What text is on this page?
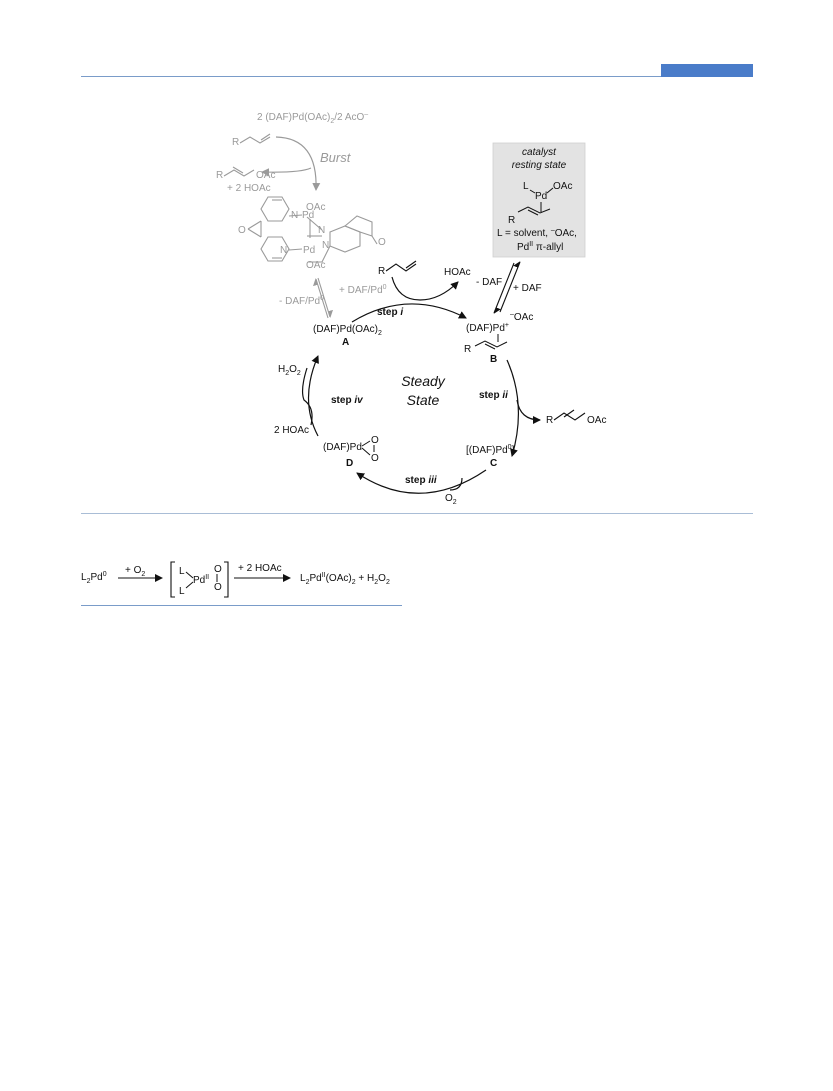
2 $(DAF)Pd(OAc)_2/2$ AcO–
R
Burst
R	OAc
+ 2 HOAc
N Pd
OAc
N
N Pd N
OAc
O
O
+ DAF/$Pd^0$
- DAF/Pd$^0$
catalyst
resting state
L
Pd
OAc
R
L = solvent, –OAc,
$Pd^{II}$ π-allyl
- DAF
+ DAF
R	HOAc
$(DAF)Pd(OAc)_2$
A
–OAc
(DAF)Pd+
R
B
Steady
State
step i
step ii
step iii
step iv
R	OAc
[(DAF)Pd$^0$]
C
$O_2$
(DAF)Pd
O
O
D
$H_2O_2$
2 HOAc
$L_2Pd^0 + O_2$	L
L
$Pd^{II}$
O
O
+ 2 HOAc
$L_2Pd^{II}(OAc)_2 + H_2O_2$
